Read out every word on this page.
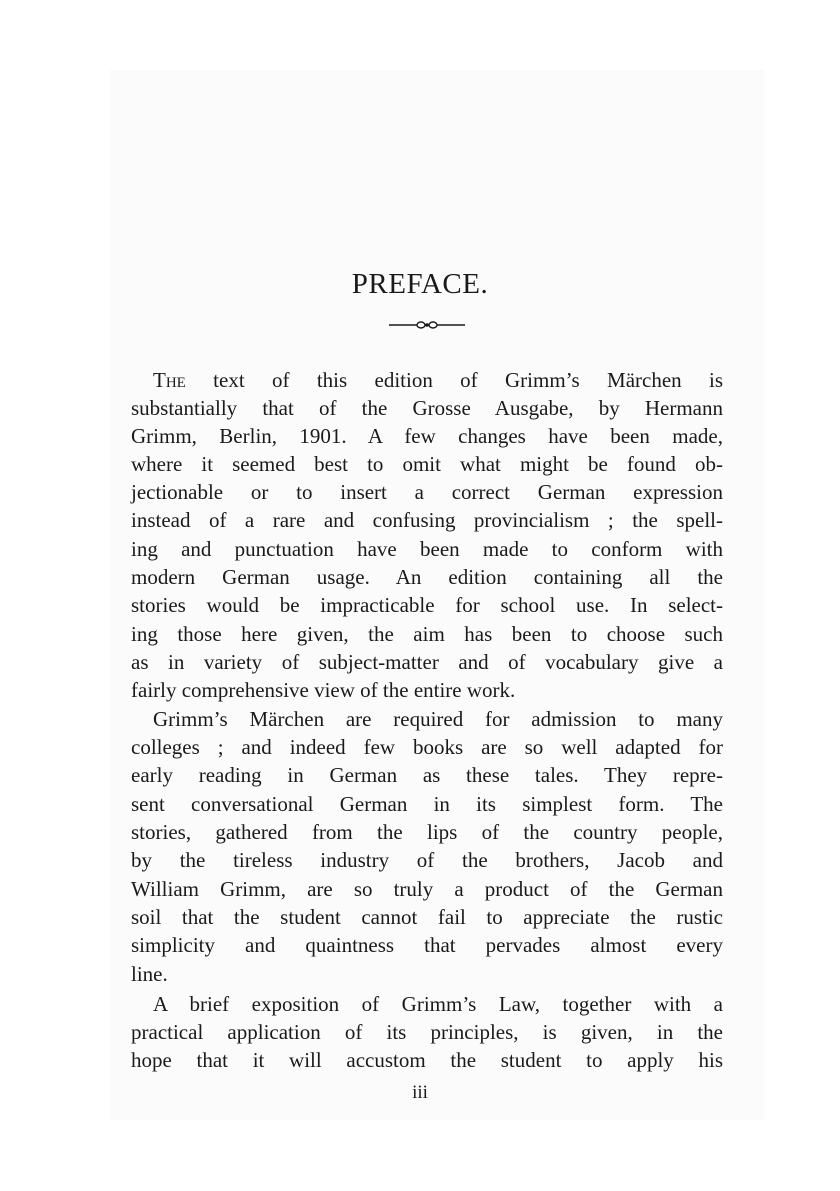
PREFACE.
The text of this edition of Grimm’s Märchen is
substantially that of the Grosse Ausgabe, by Hermann
Grimm, Berlin, 1901. A few changes have been made,
where it seemed best to omit what might be found ob-
jectionable or to insert a correct German expression
instead of a rare and confusing provincialism ; the spell-
ing and punctuation have been made to conform with
modern German usage. An edition containing all the
stories would be impracticable for school use. In select-
ing those here given, the aim has been to choose such
as in variety of subject-matter and of vocabulary give a
fairly comprehensive view of the entire work.
Grimm’s Märchen are required for admission to many
colleges ; and indeed few books are so well adapted for
early reading in German as these tales. They repre-
sent conversational German in its simplest form. The
stories, gathered from the lips of the country people,
by the tireless industry of the brothers, Jacob and
William Grimm, are so truly a product of the German
soil that the student cannot fail to appreciate the rustic
simplicity and quaintness that pervades almost every
line.
A brief exposition of Grimm’s Law, together with a
practical application of its principles, is given, in the
hope that it will accustom the student to apply his
iii
